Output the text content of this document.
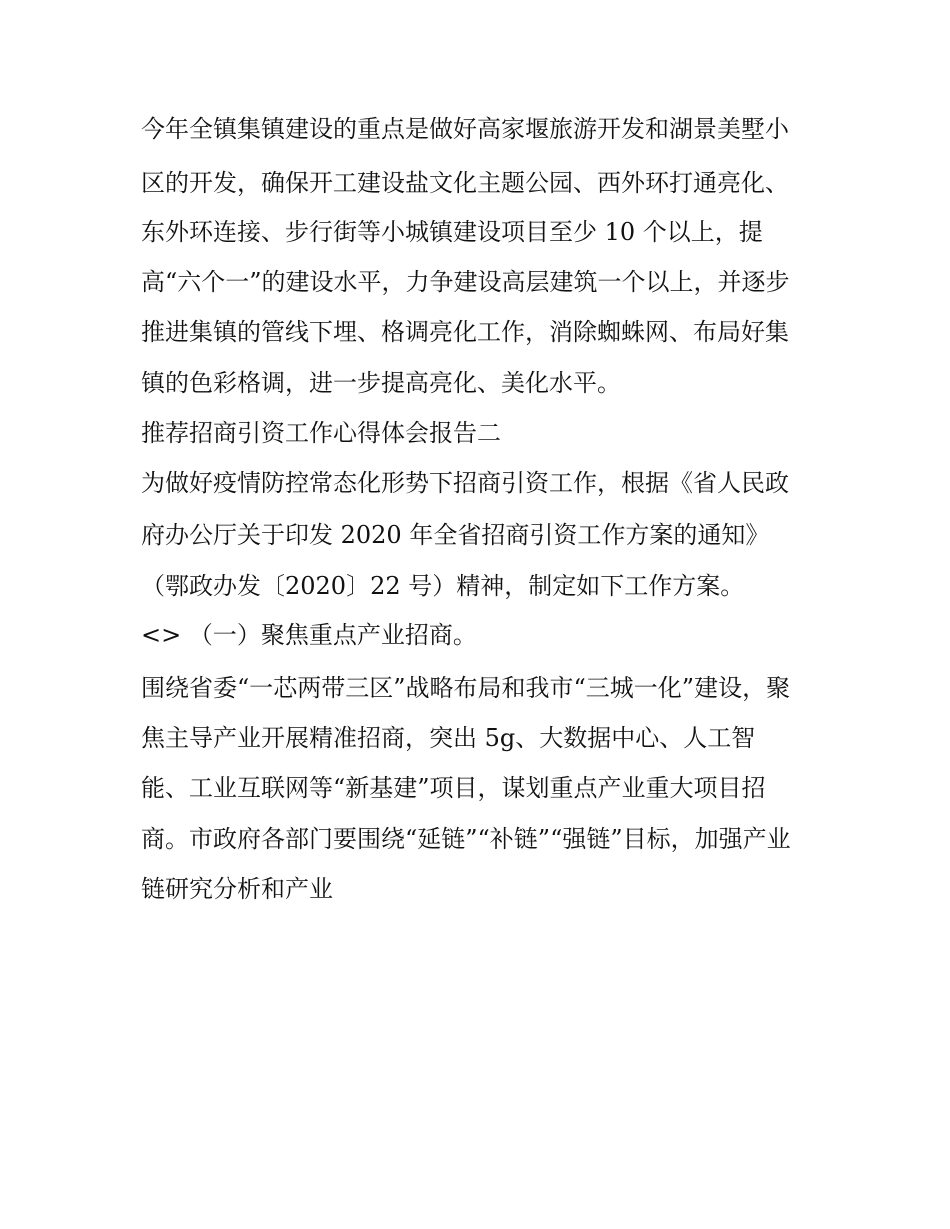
今年全镇集镇建设的重点是做好高家堰旅游开发和湖景美墅小
区的开发，确保开工建设盐文化主题公园、西外环打通亮化、
东外环连接、步行街等小城镇建设项目至少 10 个以上，提
高“六个一”的建设水平，力争建设高层建筑一个以上，并逐步
推进集镇的管线下埋、格调亮化工作，消除蜘蛛网、布局好集
镇的色彩格调，进一步提高亮化、美化水平。
推荐招商引资工作心得体会报告二
为做好疫情防控常态化形势下招商引资工作，根据《省人民政
府办公厅关于印发 2020 年全省招商引资工作方案的通知》
（鄂政办发〔2020〕22 号）精神，制定如下工作方案。
<> （一）聚焦重点产业招商。
围绕省委“一芯两带三区”战略布局和我市“三城一化”建设，聚
焦主导产业开展精准招商，突出 5g、大数据中心、人工智
能、工业互联网等“新基建”项目，谋划重点产业重大项目招
商。市政府各部门要围绕“延链”“补链”“强链”目标，加强产业
链研究分析和产业
